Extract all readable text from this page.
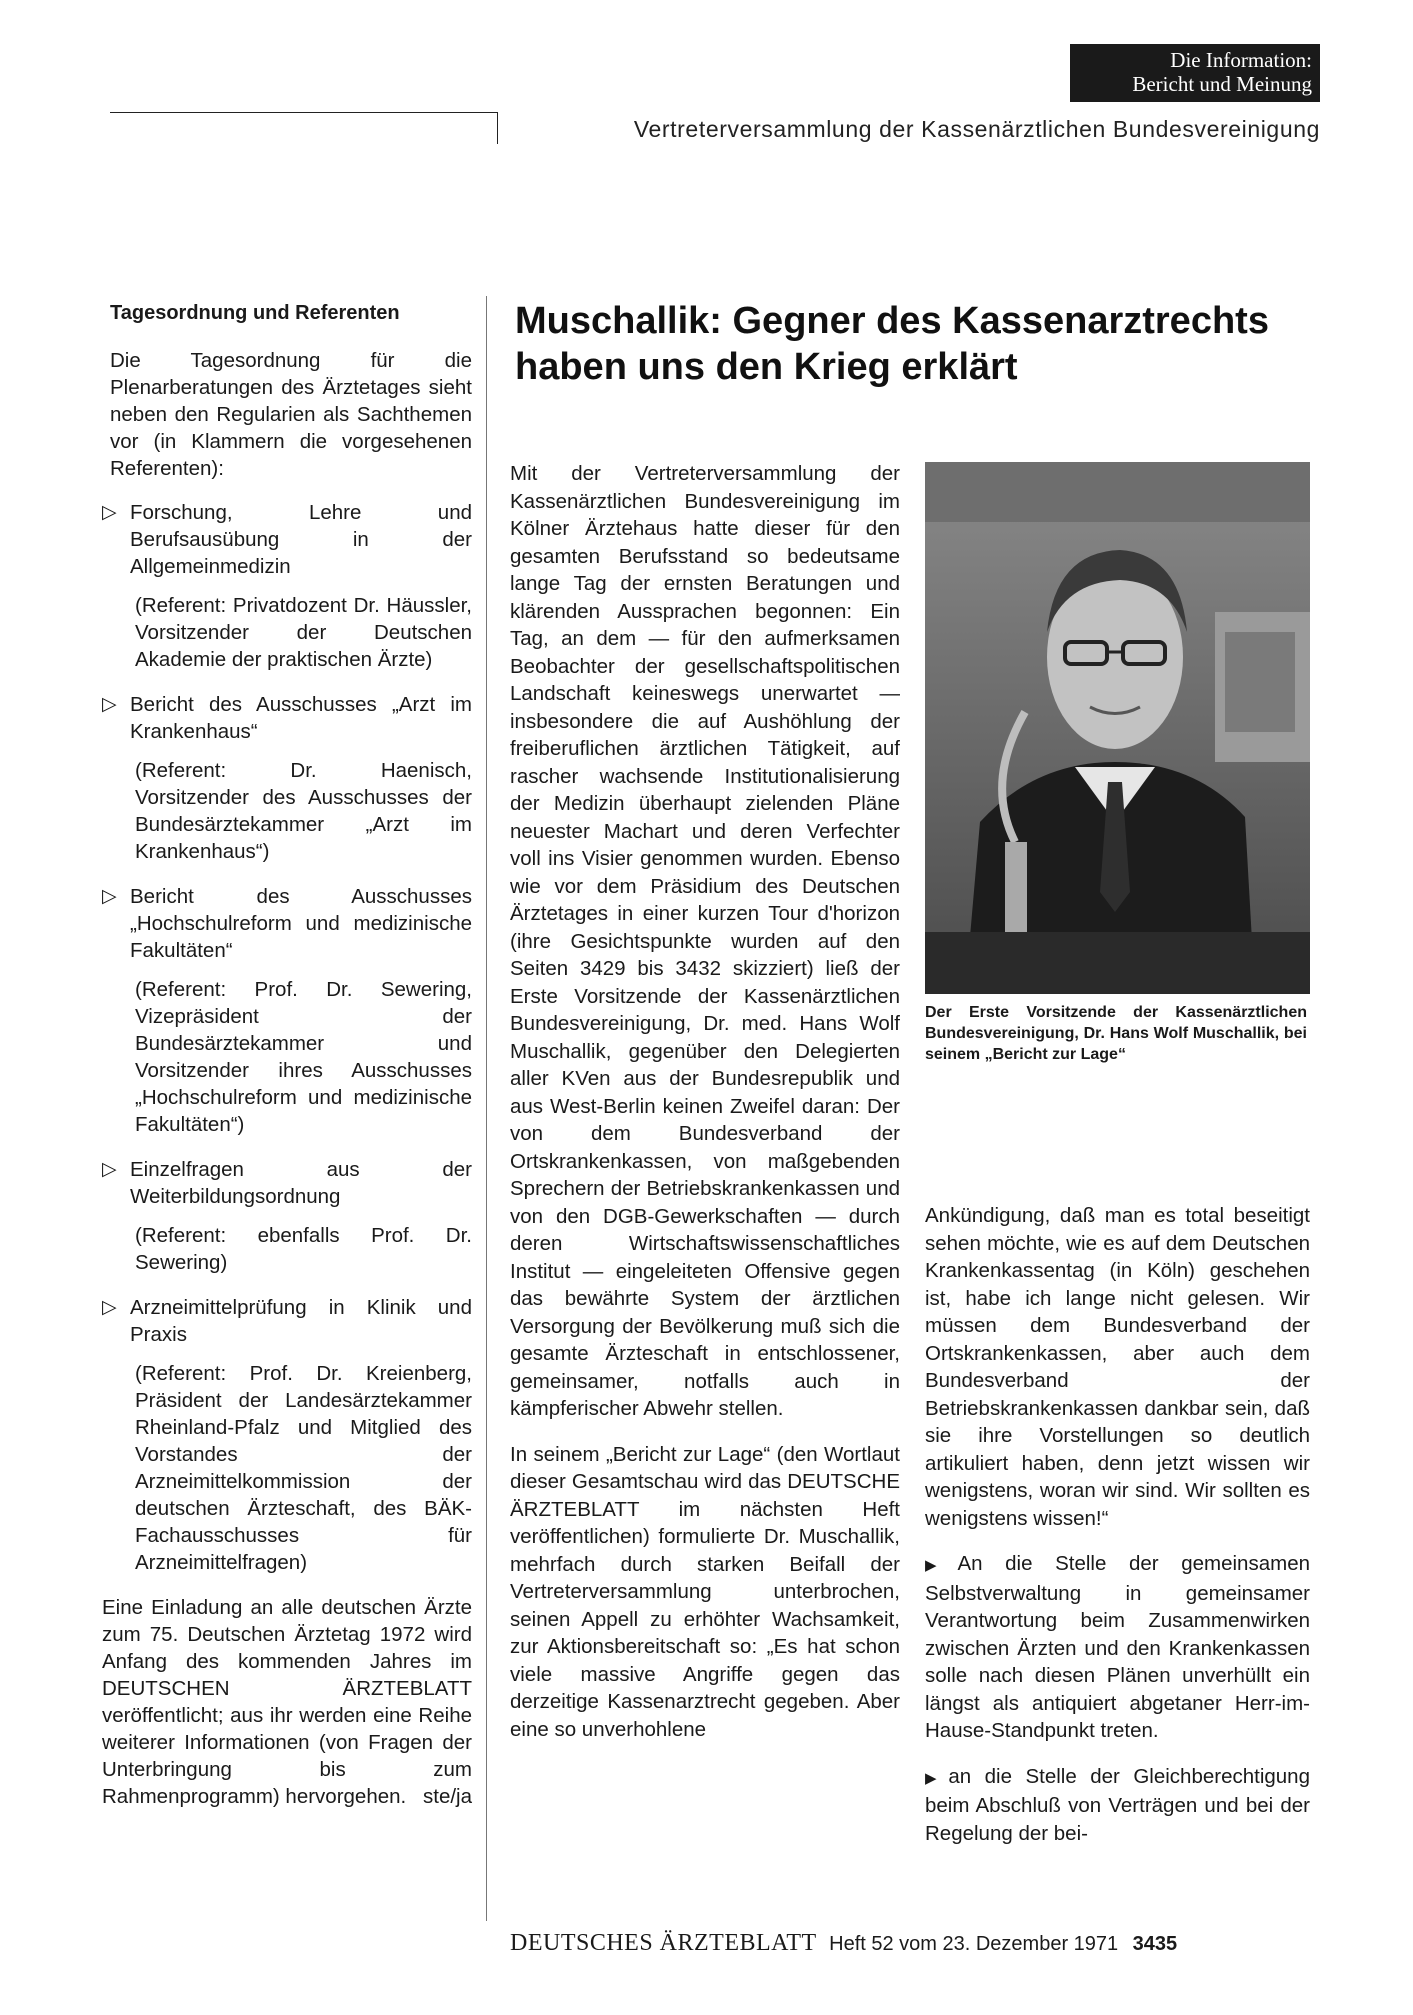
Die Information:
Bericht und Meinung
Vertreterversammlung der Kassenärztlichen Bundesvereinigung
Tagesordnung und Referenten
Die Tagesordnung für die Plenarberatungen des Ärztetages sieht neben den Regularien als Sachthemen vor (in Klammern die vorgesehenen Referenten):
▷ Forschung, Lehre und Berufsausübung in der Allgemeinmedizin
(Referent: Privatdozent Dr. Häussler, Vorsitzender der Deutschen Akademie der praktischen Ärzte)
▷ Bericht des Ausschusses „Arzt im Krankenhaus“
(Referent: Dr. Haenisch, Vorsitzender des Ausschusses der Bundesärztekammer „Arzt im Krankenhaus“)
▷ Bericht des Ausschusses „Hochschulreform und medizinische Fakultäten“
(Referent: Prof. Dr. Sewering, Vizepräsident der Bundesärztekammer und Vorsitzender ihres Ausschusses „Hochschulreform und medizinische Fakultäten“)
▷ Einzelfragen aus der Weiterbildungsordnung
(Referent: ebenfalls Prof. Dr. Sewering)
▷ Arzneimittelprüfung in Klinik und Praxis
(Referent: Prof. Dr. Kreienberg, Präsident der Landesärztekammer Rheinland-Pfalz und Mitglied des Vorstandes der Arzneimittelkommission der deutschen Ärzteschaft, des BÄK-Fachausschusses für Arzneimittelfragen)
Eine Einladung an alle deutschen Ärzte zum 75. Deutschen Ärztetag 1972 wird Anfang des kommenden Jahres im DEUTSCHEN ÄRZTEBLATT veröffentlicht; aus ihr werden eine Reihe weiterer Informationen (von Fragen der Unterbringung bis zum Rahmenprogramm) hervorgehen. ste/ja
Muschallik: Gegner des Kassenarztrechts
haben uns den Krieg erklärt

Mit der Vertreterversammlung der Kassenärztlichen Bundesvereinigung im Kölner Ärztehaus hatte dieser für den gesamten Berufsstand so bedeutsame lange Tag der ernsten Beratungen und klärenden Aussprachen begonnen: Ein Tag, an dem — für den aufmerksamen Beobachter der gesellschaftspolitischen Landschaft keineswegs unerwartet — insbesondere die auf Aushöhlung der freiberuflichen ärztlichen Tätigkeit, auf rascher wachsende Institutionalisierung der Medizin überhaupt zielenden Pläne neuester Machart und deren Verfechter voll ins Visier genommen wurden. Ebenso wie vor dem Präsidium des Deutschen Ärztetages in einer kurzen Tour d'horizon (ihre Gesichtspunkte wurden auf den Seiten 3429 bis 3432 skizziert) ließ der Erste Vorsitzende der Kassenärztlichen Bundesvereinigung, Dr. med. Hans Wolf Muschallik, gegenüber den Delegierten aller KVen aus der Bundesrepublik und aus West-Berlin keinen Zweifel daran: Der von dem Bundesverband der Ortskrankenkassen, von maßgebenden Sprechern der Betriebskrankenkassen und von den DGB-Gewerkschaften — durch deren Wirtschaftswissenschaftliches Institut — eingeleiteten Offensive gegen das bewährte System der ärztlichen Versorgung der Bevölkerung muß sich die gesamte Ärzteschaft in entschlossener, gemeinsamer, notfalls auch in kämpferischer Abwehr stellen.

In seinem „Bericht zur Lage“ (den Wortlaut dieser Gesamtschau wird das DEUTSCHE ÄRZTEBLATT im nächsten Heft veröffentlichen) formulierte Dr. Muschallik, mehrfach durch starken Beifall der Vertreterversammlung unterbrochen, seinen Appell zu erhöhter Wachsamkeit, zur Aktionsbereitschaft so: „Es hat schon viele massive Angriffe gegen das derzeitige Kassenarztrecht gegeben. Aber eine so unverhohlene

Der Erste Vorsitzende der Kassenärztlichen Bundesvereinigung, Dr. Hans Wolf Muschallik, bei seinem „Bericht zur Lage“

Ankündigung, daß man es total beseitigt sehen möchte, wie es auf dem Deutschen Krankenkassentag (in Köln) geschehen ist, habe ich lange nicht gelesen. Wir müssen dem Bundesverband der Ortskrankenkassen, aber auch dem Bundesverband der Betriebskrankenkassen dankbar sein, daß sie ihre Vorstellungen so deutlich artikuliert haben, denn jetzt wissen wir wenigstens, woran wir sind. Wir sollten es wenigstens wissen!“

▶ An die Stelle der gemeinsamen Selbstverwaltung in gemeinsamer Verantwortung beim Zusammenwirken zwischen Ärzten und den Krankenkassen solle nach diesen Plänen unverhüllt ein längst als antiquiert abgetaner Herr-im-Hause-Standpunkt treten.

▶ an die Stelle der Gleichberechtigung beim Abschluß von Verträgen und bei der Regelung der bei-

DEUTSCHES ÄRZTEBLATT Heft 52 vom 23. Dezember 1971 3435
